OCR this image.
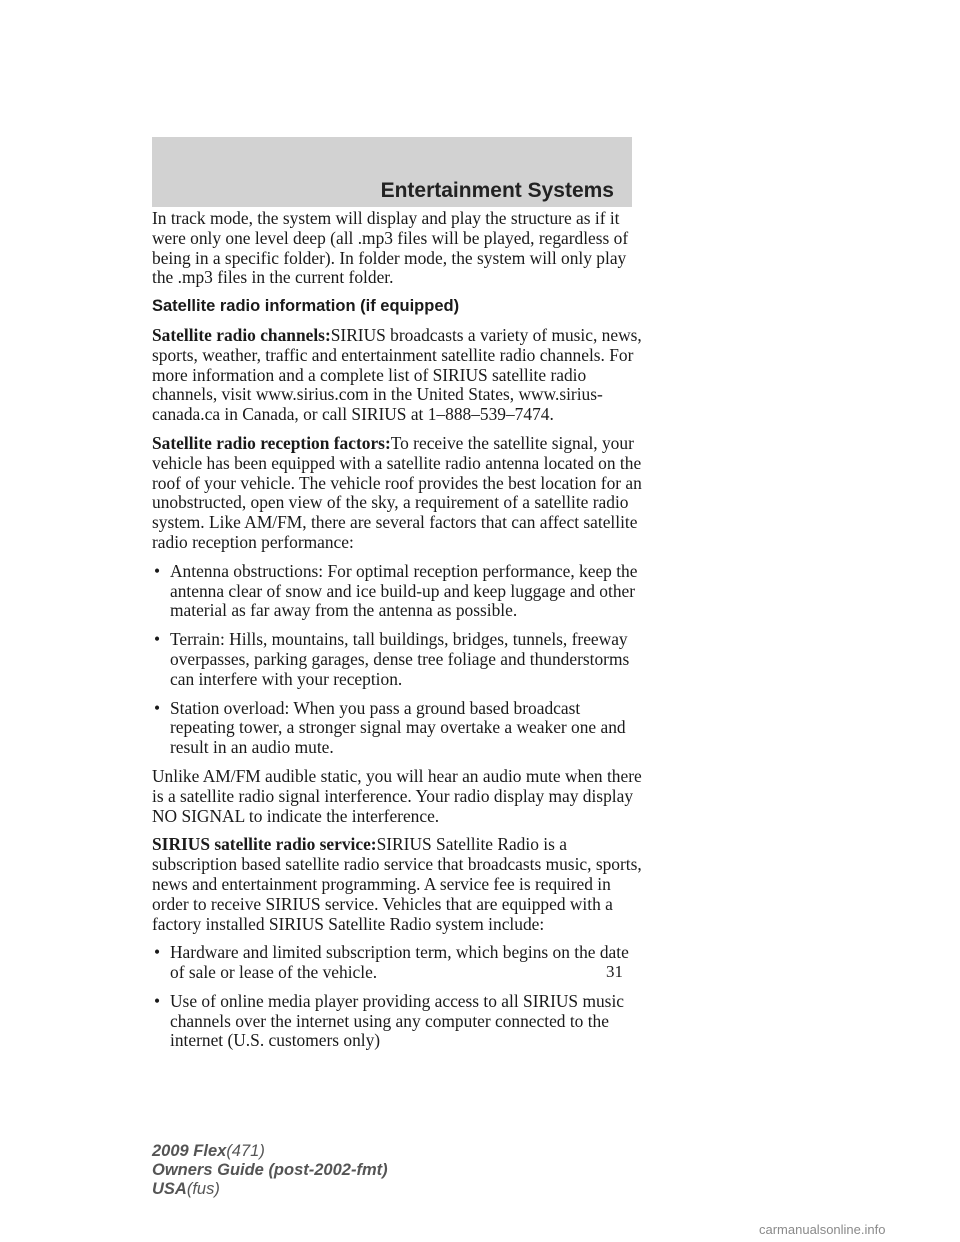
Entertainment Systems

In track mode, the system will display and play the structure as if it were only one level deep (all .mp3 files will be played, regardless of being in a specific folder). In folder mode, the system will only play the .mp3 files in the current folder.

Satellite radio information (if equipped)

Satellite radio channels:SIRIUS broadcasts a variety of music, news, sports, weather, traffic and entertainment satellite radio channels. For more information and a complete list of SIRIUS satellite radio channels, visit www.sirius.com in the United States, www.sirius-canada.ca in Canada, or call SIRIUS at 1–888–539–7474.

Satellite radio reception factors:To receive the satellite signal, your vehicle has been equipped with a satellite radio antenna located on the roof of your vehicle. The vehicle roof provides the best location for an unobstructed, open view of the sky, a requirement of a satellite radio system. Like AM/FM, there are several factors that can affect satellite radio reception performance:

• Antenna obstructions: For optimal reception performance, keep the antenna clear of snow and ice build-up and keep luggage and other material as far away from the antenna as possible.
• Terrain: Hills, mountains, tall buildings, bridges, tunnels, freeway overpasses, parking garages, dense tree foliage and thunderstorms can interfere with your reception.
• Station overload: When you pass a ground based broadcast repeating tower, a stronger signal may overtake a weaker one and result in an audio mute.

Unlike AM/FM audible static, you will hear an audio mute when there is a satellite radio signal interference. Your radio display may display NO SIGNAL to indicate the interference.

SIRIUS satellite radio service:SIRIUS Satellite Radio is a subscription based satellite radio service that broadcasts music, sports, news and entertainment programming. A service fee is required in order to receive SIRIUS service. Vehicles that are equipped with a factory installed SIRIUS Satellite Radio system include:

• Hardware and limited subscription term, which begins on the date of sale or lease of the vehicle.
• Use of online media player providing access to all SIRIUS music channels over the internet using any computer connected to the internet (U.S. customers only)
31
2009 Flex(471)
Owners Guide (post-2002-fmt)
USA(fus)
carmanualsonline.info
